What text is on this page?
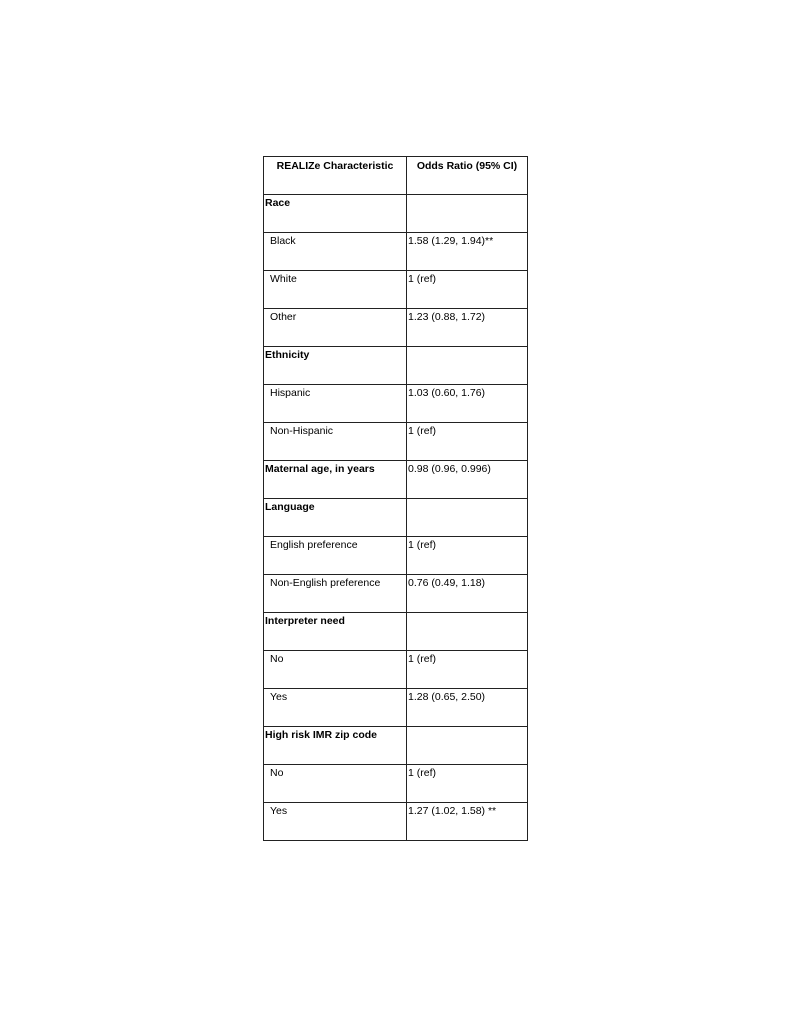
REALIZe Characteristic	Odds Ratio (95% CI)

Race	

Black	1.58 (1.29, 1.94)**

White	1 (ref)

Other	1.23 (0.88, 1.72)

Ethnicity	

Hispanic	1.03 (0.60, 1.76)

Non-Hispanic	1 (ref)

Maternal age, in years	0.98 (0.96, 0.996)

Language	

English preference	1 (ref)

Non-English preference	0.76 (0.49, 1.18)

Interpreter need	

No	1 (ref)

Yes	1.28 (0.65, 2.50)

High risk IMR zip code	

No	1 (ref)

Yes	1.27 (1.02, 1.58) **
